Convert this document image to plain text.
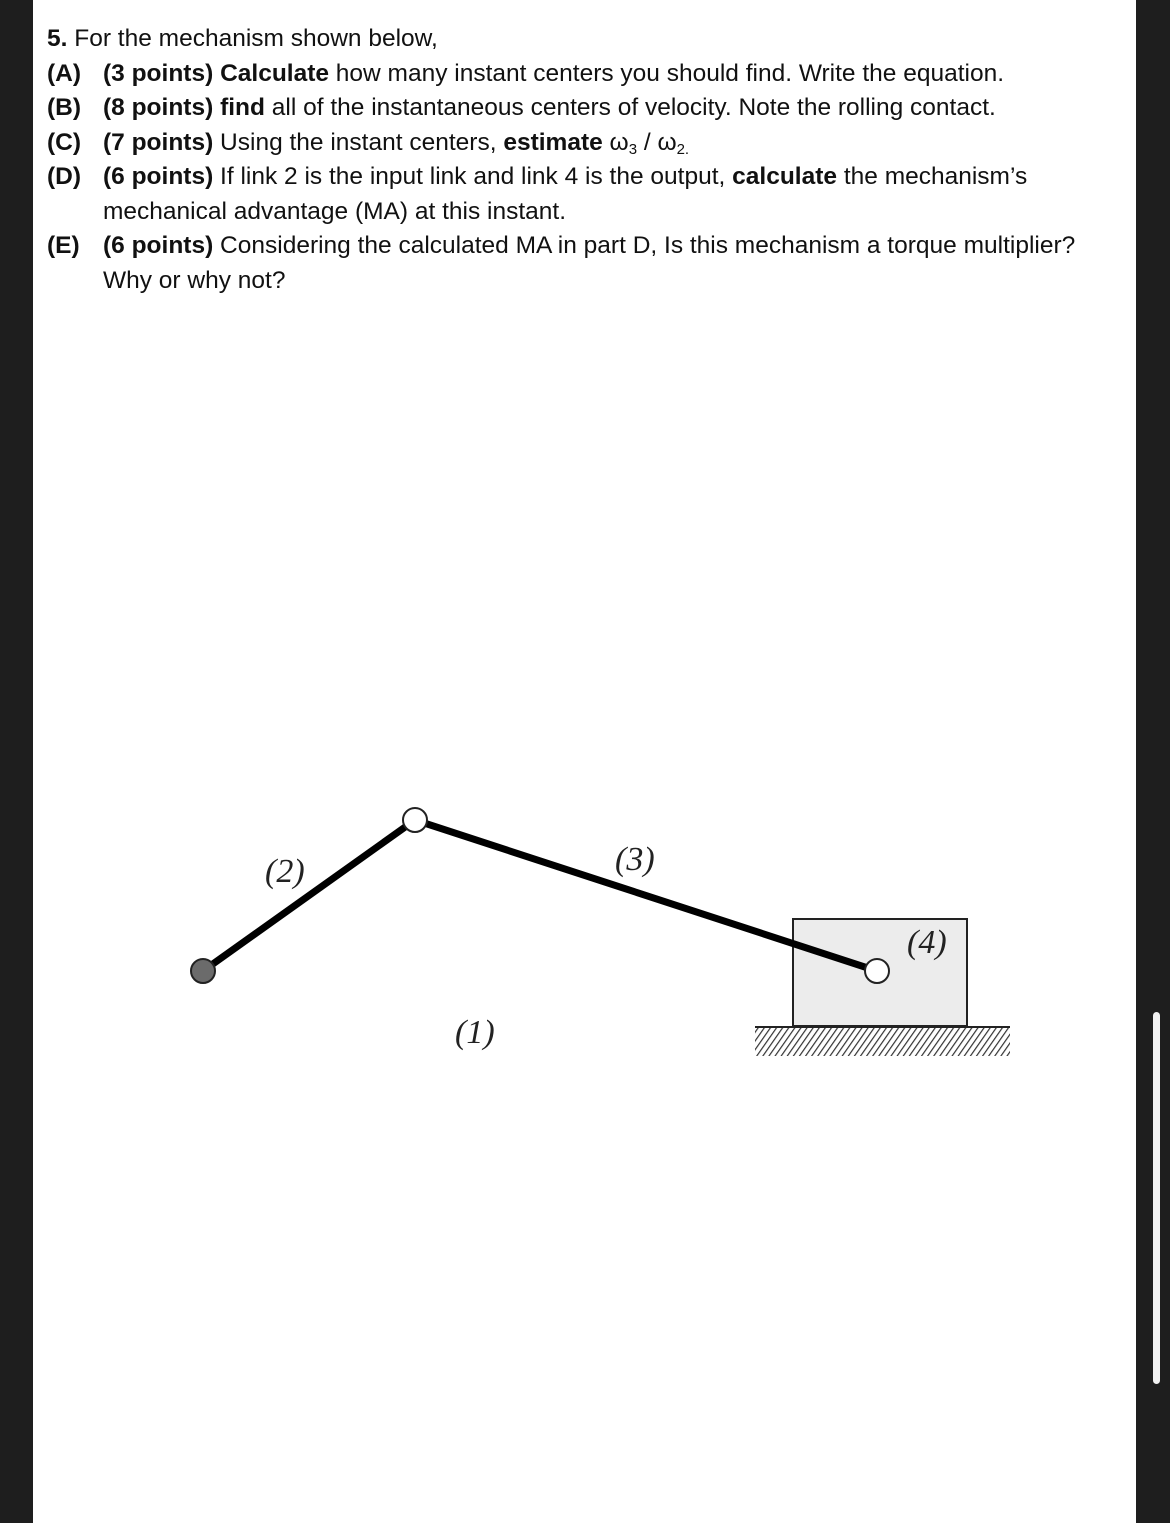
5. For the mechanism shown below,
(A) (3 points) Calculate how many instant centers you should find. Write the equation.
(B) (8 points) find all of the instantaneous centers of velocity. Note the rolling contact.
(C) (7 points) Using the instant centers, estimate $\omega_3 / \omega_{2.}$
(D) (6 points) If link 2 is the input link and link 4 is the output, calculate the mechanism’s mechanical advantage (MA) at this instant.
(E) (6 points) Considering the calculated MA in part D, Is this mechanism a torque multiplier? Why or why not?
(2)	(3)
(4)
(1)
